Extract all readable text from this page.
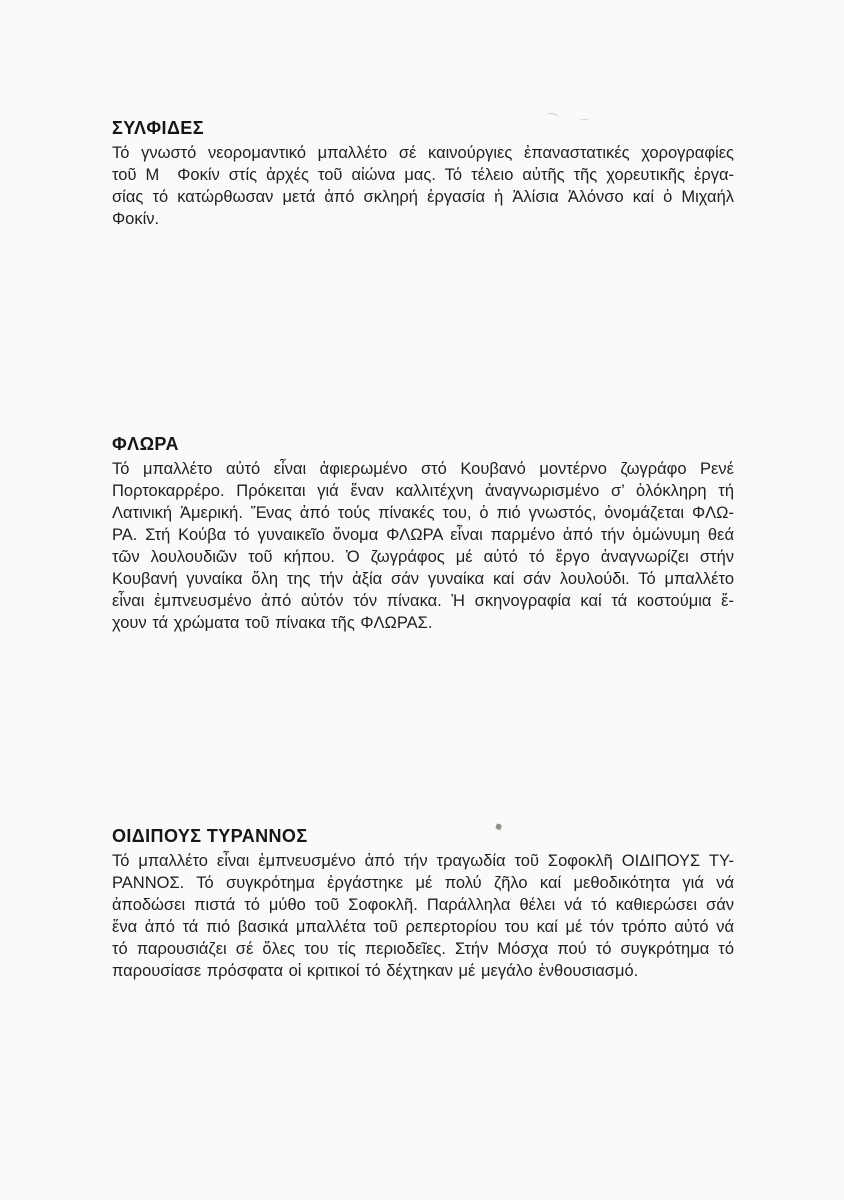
ΣΥΛΦΙΔΕΣ
Τό γνωστό νεορομαντικό μπαλλέτο σέ καινούργιες ἐπαναστατικές χορογραφίες
τοῦ Μ  Φοκίν στίς ἀρχές τοῦ αἰώνα μας. Τό τέλειο αὐτῆς τῆς χορευτικῆς ἐργα-
σίας τό κατώρθωσαν μετά ἀπό σκληρή ἐργασία ἡ Ἀλίσια Ἀλόνσο καί ὁ Μιχαήλ
Φοκίν.
ΦΛΩΡΑ
Τό μπαλλέτο αὐτό εἶναι ἀφιερωμένο στό Κουβανό μοντέρνο ζωγράφο Ρενέ
Πορτοκαρρέρο. Πρόκειται γιά ἕναν καλλιτέχνη ἀναγνωρισμένο σ’ ὁλόκληρη τή
Λατινική Ἀμερική. Ἕνας ἀπό τούς πίνακές του, ὁ πιό γνωστός, ὀνομάζεται ΦΛΩ-
ΡΑ. Στή Κούβα τό γυναικεῖο ὄνομα ΦΛΩΡΑ εἶναι παρμένο ἀπό τήν ὁμώνυμη θεά
τῶν λουλουδιῶν τοῦ κήπου. Ὁ ζωγράφος μέ αὐτό τό ἔργο ἀναγνωρίζει στήν
Κουβανή γυναίκα ὅλη της τήν ἀξία σάν γυναίκα καί σάν λουλούδι. Τό μπαλλέτο
εἶναι ἐμπνευσμένο ἀπό αὐτόν τόν πίνακα. Ἡ σκηνογραφία καί τά κοστούμια ἔ-
χουν τά χρώματα τοῦ πίνακα τῆς ΦΛΩΡΑΣ.
ΟΙΔΙΠΟΥΣ ΤΥΡΑΝΝΟΣ
Τό μπαλλέτο εἶναι ἐμπνευσμένο ἀπό τήν τραγωδία τοῦ Σοφοκλῆ ΟΙΔΙΠΟΥΣ ΤΥ-
ΡΑΝΝΟΣ. Τό συγκρότημα ἐργάστηκε μέ πολύ ζῆλο καί μεθοδικότητα γιά νά
ἀποδώσει πιστά τό μύθο τοῦ Σοφοκλῆ. Παράλληλα θέλει νά τό καθιερώσει σάν
ἕνα ἀπό τά πιό βασικά μπαλλέτα τοῦ ρεπερτορίου του καί μέ τόν τρόπο αὐτό νά
τό παρουσιάζει σέ ὅλες του τίς περιοδεῖες. Στήν Μόσχα πού τό συγκρότημα τό
παρουσίασε πρόσφατα οἱ κριτικοί τό δέχτηκαν μέ μεγάλο ἐνθουσιασμό.
